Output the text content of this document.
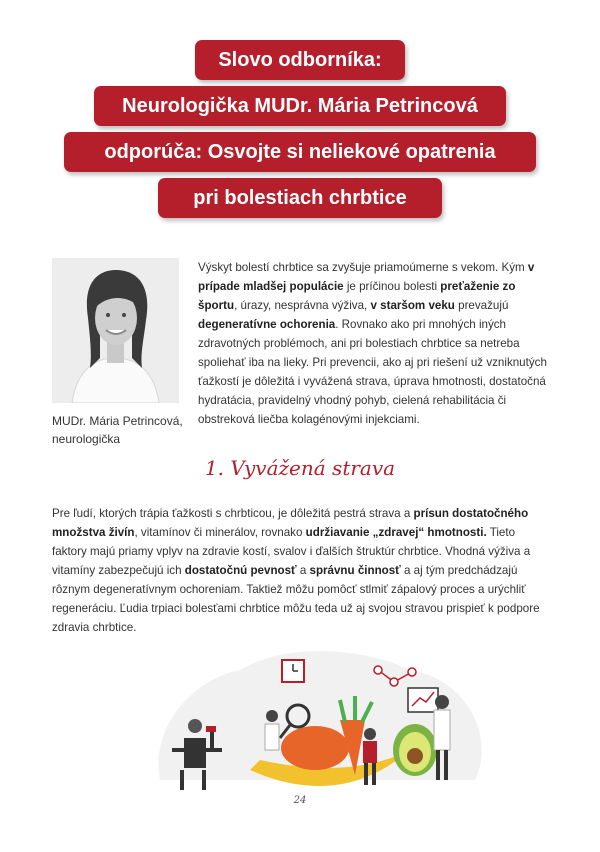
Slovo odborníka:
Neurologička MUDr. Mária Petrincová
odporúča: Osvojte si neliekové opatrenia
pri bolestiach chrbtice
MUDr. Mária Petrincová,
neurologička

Výskyt bolestí chrbtice sa zvyšuje priamoúmerne s vekom. Kým v prípade mladšej populácie je príčinou bolesti preťaženie zo športu, úrazy, nesprávna výživa, v staršom veku prevažujú degeneratívne ochorenia. Rovnako ako pri mnohých iných zdravotných problémoch, ani pri bolestiach chrbtice sa netreba spoliehať iba na lieky. Pri prevencii, ako aj pri riešení už vzniknutých ťažkostí je dôležitá i vyvážená strava, úprava hmotnosti, dostatočná hydratácia, pravidelný vhodný pohyb, cielená rehabilitácia či obstreková liečba kolagénovými injekciami.

1. Vyvážená strava

Pre ľudí, ktorých trápia ťažkosti s chrbticou, je dôležitá pestrá strava a prísun dostatočného množstva živín, vitamínov či minerálov, rovnako udržiavanie „zdravej“ hmotnosti. Tieto faktory majú priamy vplyv na zdravie kostí, svalov i ďalších štruktúr chrbtice. Vhodná výživa a vitamíny zabezpečujú ich dostatočnú pevnosť a správnu činnosť a aj tým predchádzajú rôznym degeneratívnym ochoreniam. Taktiež môžu pomôcť stlmiť zápalový proces a urýchliť regeneráciu. Ľudia trpiaci bolesťami chrbtice môžu teda už aj svojou stravou prispieť k podpore zdravia chrbtice.

24
